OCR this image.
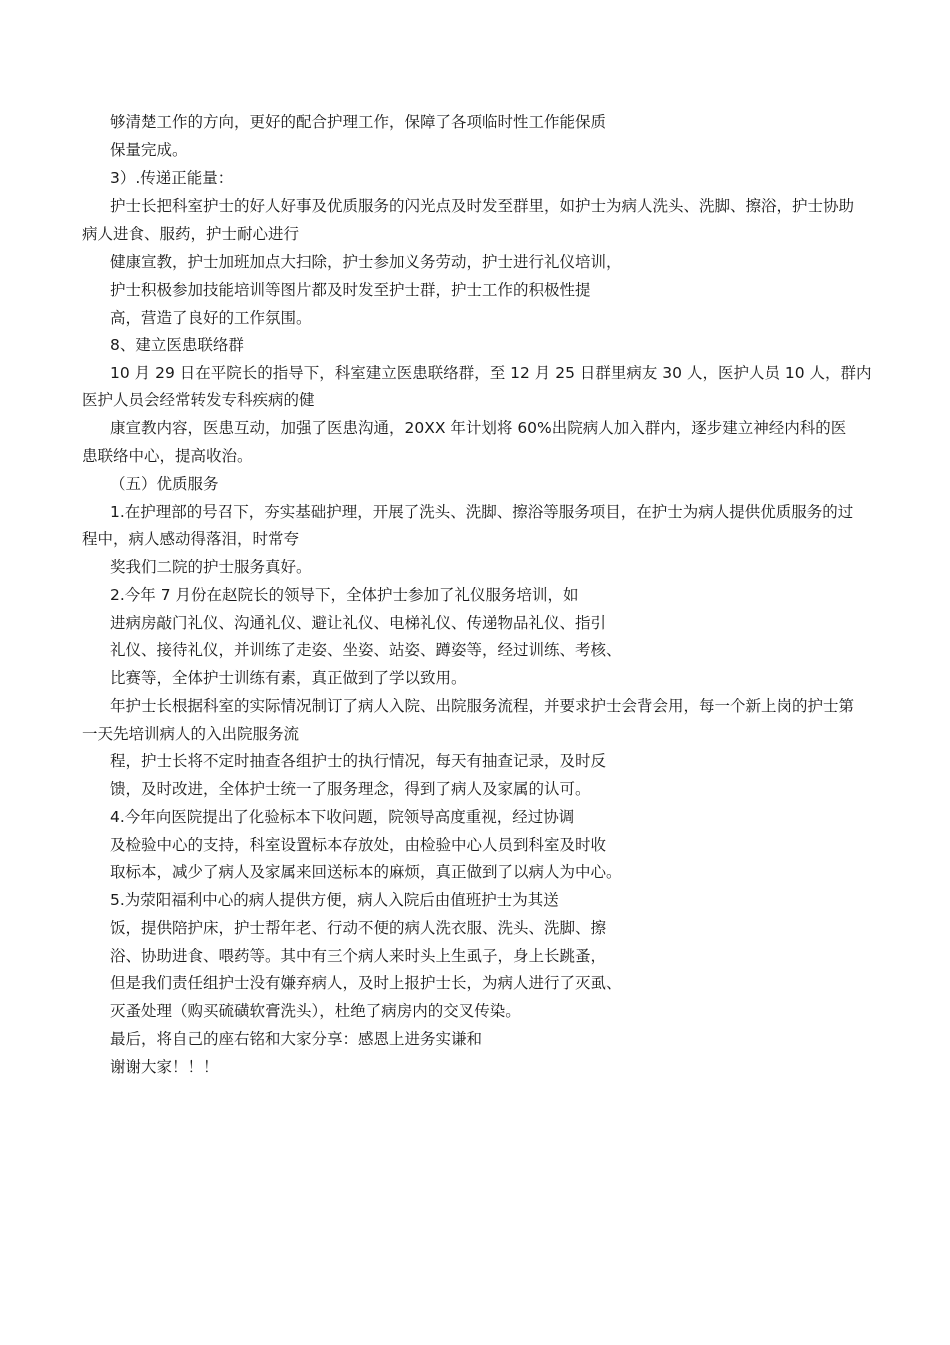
够清楚工作的方向，更好的配合护理工作，保障了各项临时性工作能保质
保量完成。
3）.传递正能量：
护士长把科室护士的好人好事及优质服务的闪光点及时发至群里，如护士为病人洗头、洗脚、擦浴，护士协助
病人进食、服药，护士耐心进行
健康宣教，护士加班加点大扫除，护士参加义务劳动，护士进行礼仪培训，
护士积极参加技能培训等图片都及时发至护士群，护士工作的积极性提
高，营造了良好的工作氛围。
8、建立医患联络群
10 月 29 日在平院长的指导下，科室建立医患联络群，至 12 月 25 日群里病友 30 人，医护人员 10 人，群内
医护人员会经常转发专科疾病的健
康宣教内容，医患互动，加强了医患沟通，20XX 年计划将 60%出院病人加入群内，逐步建立神经内科的医
患联络中心，提高收治。
（五）优质服务
1.在护理部的号召下，夯实基础护理，开展了洗头、洗脚、擦浴等服务项目，在护士为病人提供优质服务的过
程中，病人感动得落泪，时常夸
奖我们二院的护士服务真好。
2.今年 7 月份在赵院长的领导下，全体护士参加了礼仪服务培训，如
进病房敲门礼仪、沟通礼仪、避让礼仪、电梯礼仪、传递物品礼仪、指引
礼仪、接待礼仪，并训练了走姿、坐姿、站姿、蹲姿等，经过训练、考核、
比赛等，全体护士训练有素，真正做到了学以致用。
年护士长根据科室的实际情况制订了病人入院、出院服务流程，并要求护士会背会用，每一个新上岗的护士第
一天先培训病人的入出院服务流
程，护士长将不定时抽查各组护士的执行情况，每天有抽查记录，及时反
馈，及时改进，全体护士统一了服务理念，得到了病人及家属的认可。
4.今年向医院提出了化验标本下收问题，院领导高度重视，经过协调
及检验中心的支持，科室设置标本存放处，由检验中心人员到科室及时收
取标本，减少了病人及家属来回送标本的麻烦，真正做到了以病人为中心。
5.为荥阳福利中心的病人提供方便，病人入院后由值班护士为其送
饭，提供陪护床，护士帮年老、行动不便的病人洗衣服、洗头、洗脚、擦
浴、协助进食、喂药等。其中有三个病人来时头上生虱子，身上长跳蚤，
但是我们责任组护士没有嫌弃病人，及时上报护士长，为病人进行了灭虱、
灭蚤处理（购买硫磺软膏洗头），杜绝了病房内的交叉传染。
最后，将自己的座右铭和大家分享：感恩上进务实谦和
谢谢大家！！！
